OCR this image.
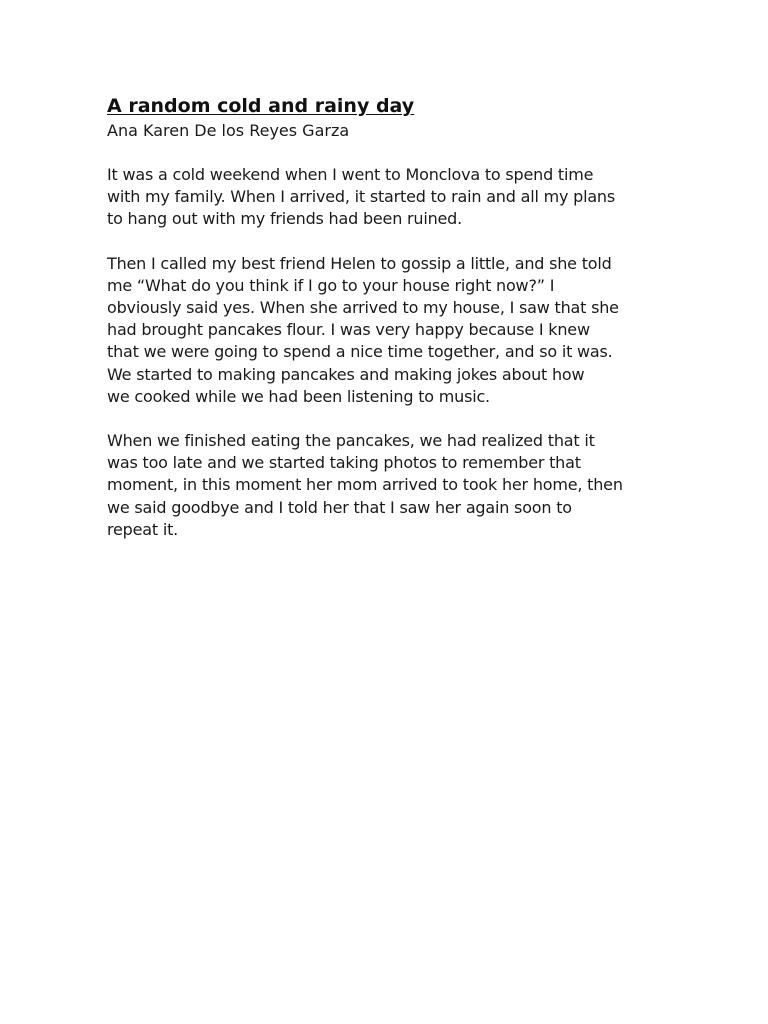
A random cold and rainy day
Ana Karen De los Reyes Garza
It was a cold weekend when I went to Monclova to spend time
with my family. When I arrived, it started to rain and all my plans
to hang out with my friends had been ruined.
Then I called my best friend Helen to gossip a little, and she told
me “What do you think if I go to your house right now?” I
obviously said yes. When she arrived to my house, I saw that she
had brought pancakes flour. I was very happy because I knew
that we were going to spend a nice time together, and so it was.
We started to making pancakes and making jokes about how
we cooked while we had been listening to music.
When we finished eating the pancakes, we had realized that it
was too late and we started taking photos to remember that
moment, in this moment her mom arrived to took her home, then
we said goodbye and I told her that I saw her again soon to
repeat it.
